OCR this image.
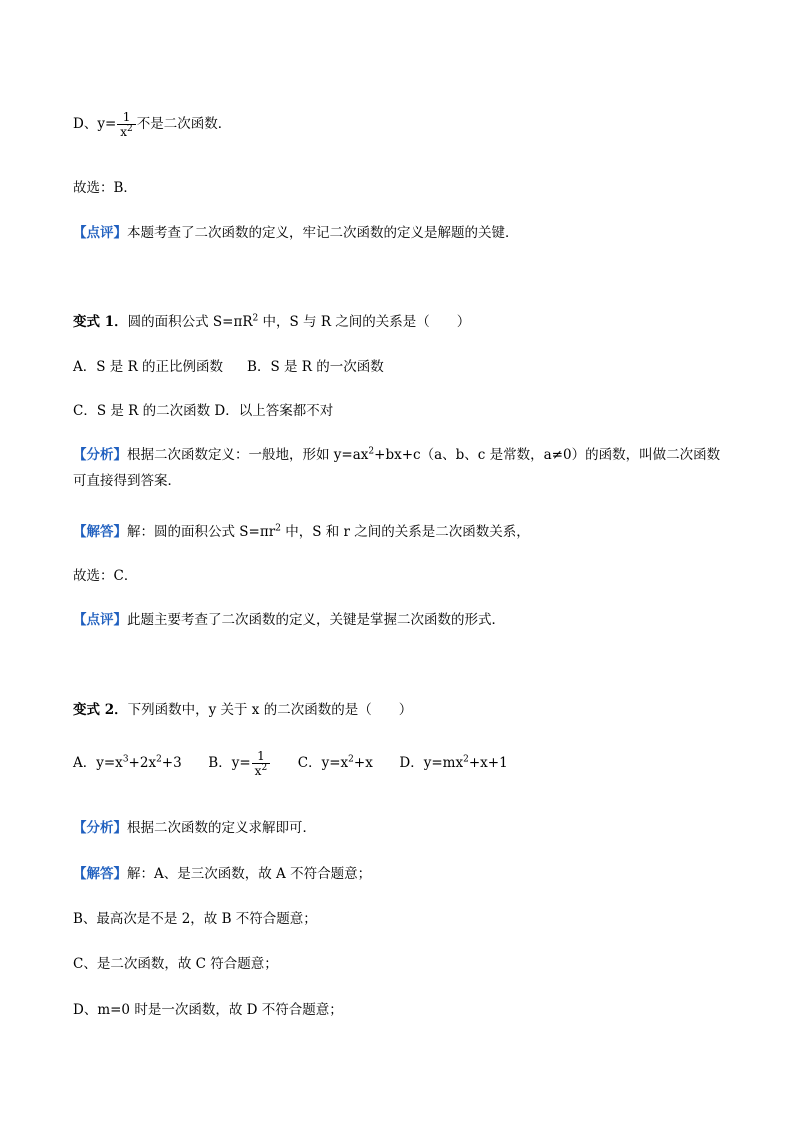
D、$y= \frac{1}{x^2}$ 不是二次函数．
故选：B．
【点评】本题考查了二次函数的定义，牢记二次函数的定义是解题的关键．
变式 1．圆的面积公式 $S=\pi R^2$ 中，S 与 R 之间的关系是（　　）
A．S 是 R 的正比例函数 B．S 是 R 的一次函数
C．S 是 R 的二次函数 D．以上答案都不对
【分析】根据二次函数定义：一般地，形如 $y=ax^2+bx+c(a$、b、c 是常数，a≠0）的函数，叫做二次函数可直接得到答案．
【解答】解：圆的面积公式 $S=\pi r^2$ 中，S 和 r 之间的关系是二次函数关系，
故选：C．
【点评】此题主要考查了二次函数的定义，关键是掌握二次函数的形式．
变式 2．下列函数中，y 关于 x 的二次函数的是（　　）
A．$y=x^3+2x^2+3$ B．$y= \frac{1}{x^2}$ C．$y=x^2+x$ D．$y=mx^2+x+1$
【分析】根据二次函数的定义求解即可．
【解答】解：A、是三次函数，故 A 不符合题意；
B、最高次是不是 2，故 B 不符合题意；
C、是二次函数，故 C 符合题意；
D、m=0 时是一次函数，故 D 不符合题意；
